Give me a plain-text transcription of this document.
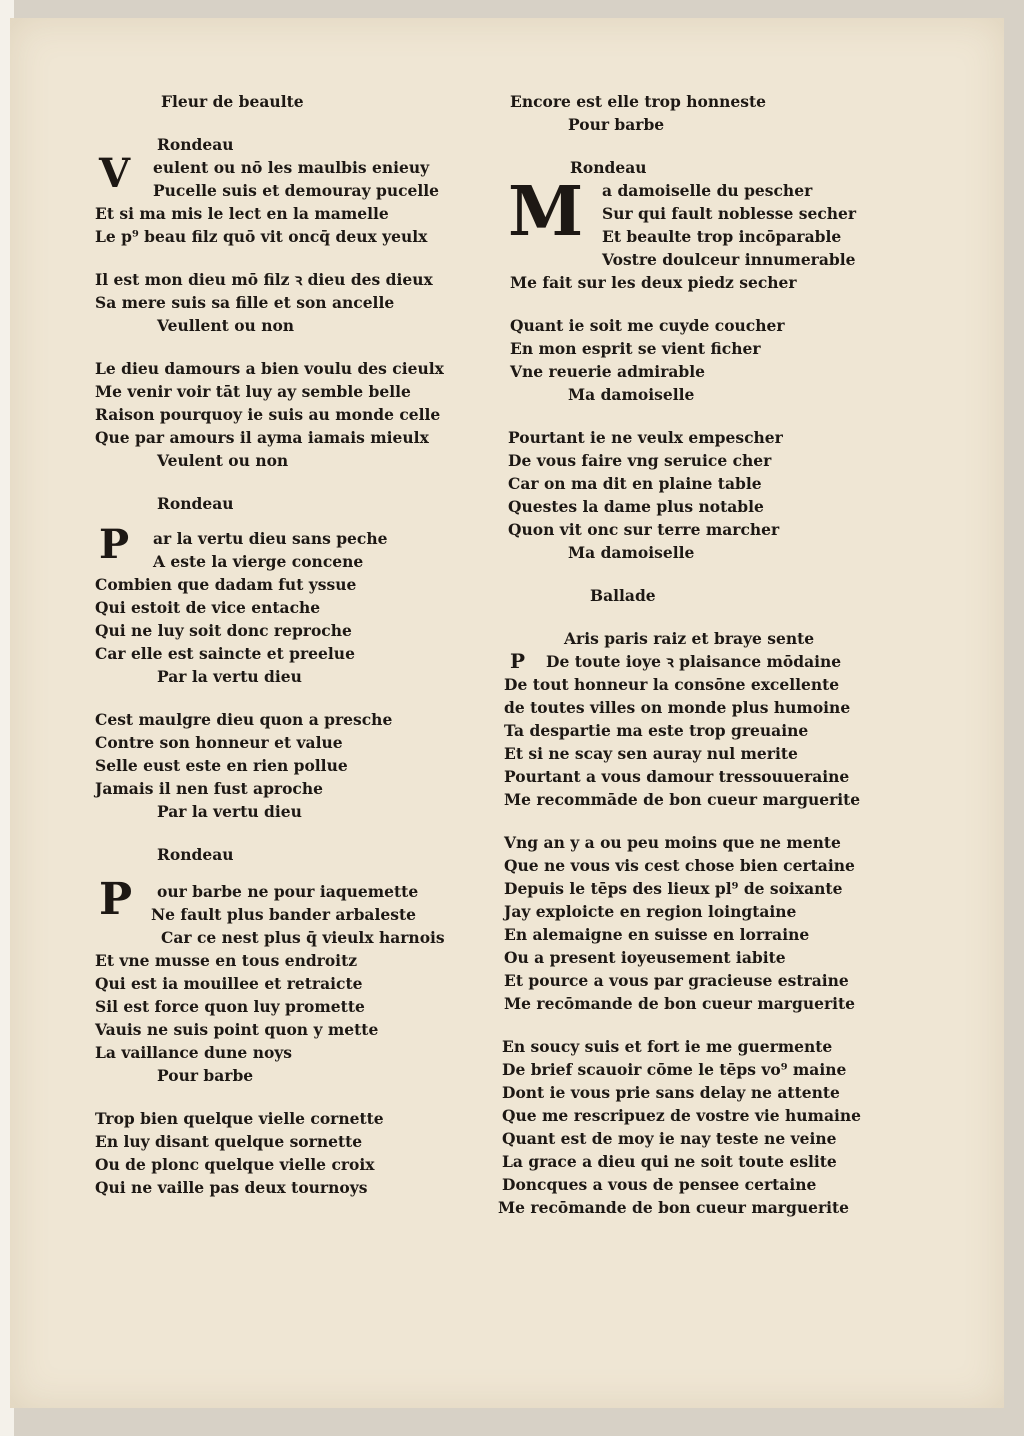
Fleur de beaulte
Rondeau
V eulent ou nō les maulbis enieuy
Pucelle suis et demouray pucelle
Et si ma mis le lect en la mamelle
Le p⁹ beau filz quō vit oncq̄ deux yeulx
Il est mon dieu mō filz ꝛ dieu des dieux
Sa mere suis sa fille et son ancelle
Veullent ou non
Le dieu damours a bien voulu des cieulx
Me venir voir tāt luy ay semble belle
Raison pourquoy ie suis au monde celle
Que par amours il ayma iamais mieulx
Veulent ou non
Rondeau
P ar la vertu dieu sans peche
A este la vierge concene
Combien que dadam fut yssue
Qui estoit de vice entache
Qui ne luy soit donc reproche
Car elle est saincte et preelue
Par la vertu dieu
Cest maulgre dieu quon a presche
Contre son honneur et value
Selle eust este en rien pollue
Jamais il nen fust aproche
Par la vertu dieu
Rondeau
P our barbe ne pour iaquemette
Ne fault plus bander arbaleste
Car ce nest plus q̄ vieulx harnois
Et vne musse en tous endroitz
Qui est ia mouillee et retraicte
Sil est force quon luy promette
Vauis ne suis point quon y mette
La vaillance dune noys
Pour barbe
Trop bien quelque vielle cornette
En luy disant quelque sornette
Ou de plonc quelque vielle croix
Qui ne vaille pas deux tournoys
Encore est elle trop honneste
Pour barbe
Rondeau
M a damoiselle du pescher
Sur qui fault noblesse secher
Et beaulte trop incōparable
Vostre doulceur innumerable
Me fait sur les deux piedz secher
Quant ie soit me cuyde coucher
En mon esprit se vient ficher
Vne reuerie admirable
Ma damoiselle
Pourtant ie ne veulx empescher
De vous faire vng seruice cher
Car on ma dit en plaine table
Questes la dame plus notable
Quon vit onc sur terre marcher
Ma damoiselle
Ballade
Aris paris raiz et braye sente
P De toute ioye ꝛ plaisance mōdaine
De tout honneur la consōne excellente
de toutes villes on monde plus humoine
Ta despartie ma este trop greuaine
Et si ne scay sen auray nul merite
Pourtant a vous damour tressouueraine
Me recommāde de bon cueur marguerite
Vng an y a ou peu moins que ne mente
Que ne vous vis cest chose bien certaine
Depuis le tēps des lieux pl⁹ de soixante
Jay exploicte en region loingtaine
En alemaigne en suisse en lorraine
Ou a present ioyeusement iabite
Et pource a vous par gracieuse estraine
Me recōmande de bon cueur marguerite
En soucy suis et fort ie me guermente
De brief scauoir cōme le tēps vo⁹ maine
Dont ie vous prie sans delay ne attente
Que me rescripuez de vostre vie humaine
Quant est de moy ie nay teste ne veine
La grace a dieu qui ne soit toute eslite
Doncques a vous de pensee certaine
Me recōmande de bon cueur marguerite
